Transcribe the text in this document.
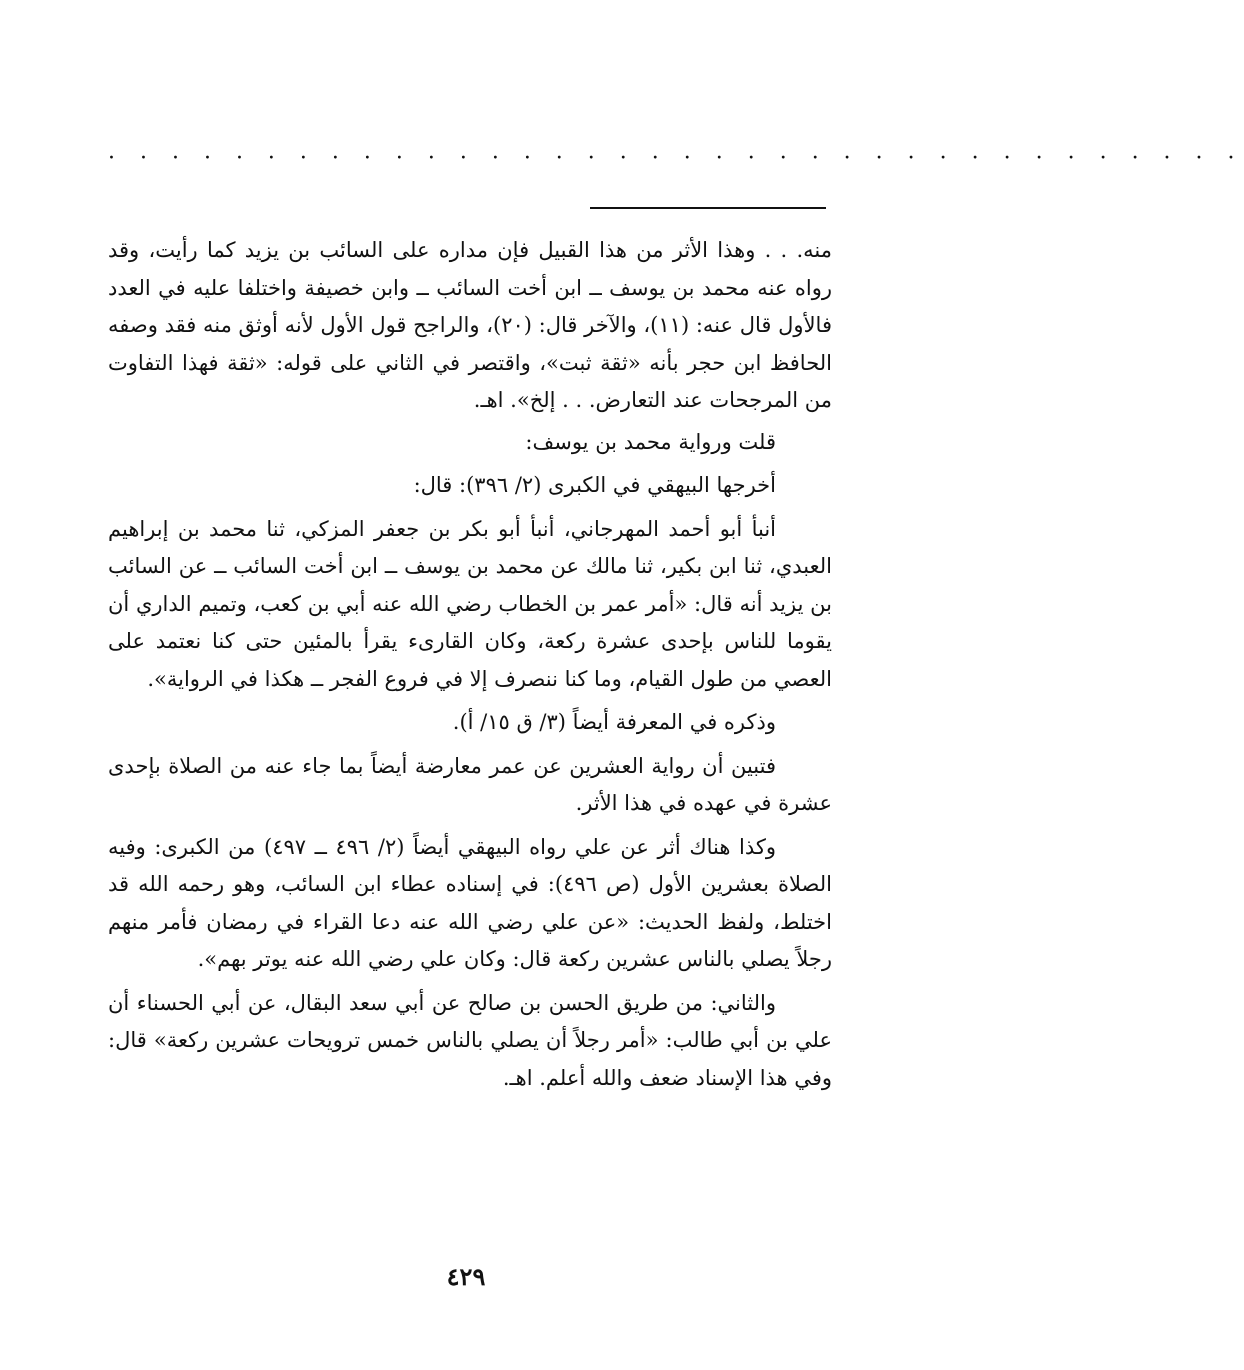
· · · · · · · · · · · · · · · · · · · · · · · · · · · · · · · · · · · ·

منه. . . وهذا الأثر من هذا القبيل فإن مداره على السائب بن يزيد كما رأيت، وقد رواه عنه محمد بن يوسف ــ ابن أخت السائب ــ وابن خصيفة واختلفا عليه في العدد فالأول قال عنه: (١١)، والآخر قال: (٢٠)، والراجح قول الأول لأنه أوثق منه فقد وصفه الحافظ ابن حجر بأنه «ثقة ثبت»، واقتصر في الثاني على قوله: «ثقة فهذا التفاوت من المرجحات عند التعارض. . . إلخ». اهـ.

قلت ورواية محمد بن يوسف:

أخرجها البيهقي في الكبرى (٢/ ٣٩٦): قال:

أنبأ أبو أحمد المهرجاني، أنبأ أبو بكر بن جعفر المزكي، ثنا محمد بن إبراهيم العبدي، ثنا ابن بكير، ثنا مالك عن محمد بن يوسف ــ ابن أخت السائب ــ عن السائب بن يزيد أنه قال: «أمر عمر بن الخطاب رضي الله عنه أبي بن كعب، وتميم الداري أن يقوما للناس بإحدى عشرة ركعة، وكان القارىء يقرأ بالمئين حتى كنا نعتمد على العصي من طول القيام، وما كنا ننصرف إلا في فروع الفجر ــ هكذا في الرواية».

وذكره في المعرفة أيضاً (٣/ ق ١٥/ أ).

فتبين أن رواية العشرين عن عمر معارضة أيضاً بما جاء عنه من الصلاة بإحدى عشرة في عهده في هذا الأثر.

وكذا هناك أثر عن علي رواه البيهقي أيضاً (٢/ ٤٩٦ ــ ٤٩٧) من الكبرى: وفيه الصلاة بعشرين الأول (ص ٤٩٦): في إسناده عطاء ابن السائب، وهو رحمه الله قد اختلط، ولفظ الحديث: «عن علي رضي الله عنه دعا القراء في رمضان فأمر منهم رجلاً يصلي بالناس عشرين ركعة قال: وكان علي رضي الله عنه يوتر بهم».

والثاني: من طريق الحسن بن صالح عن أبي سعد البقال، عن أبي الحسناء أن علي بن أبي طالب: «أمر رجلاً أن يصلي بالناس خمس ترويحات عشرين ركعة» قال: وفي هذا الإسناد ضعف والله أعلم. اهـ.

٤٢٩
